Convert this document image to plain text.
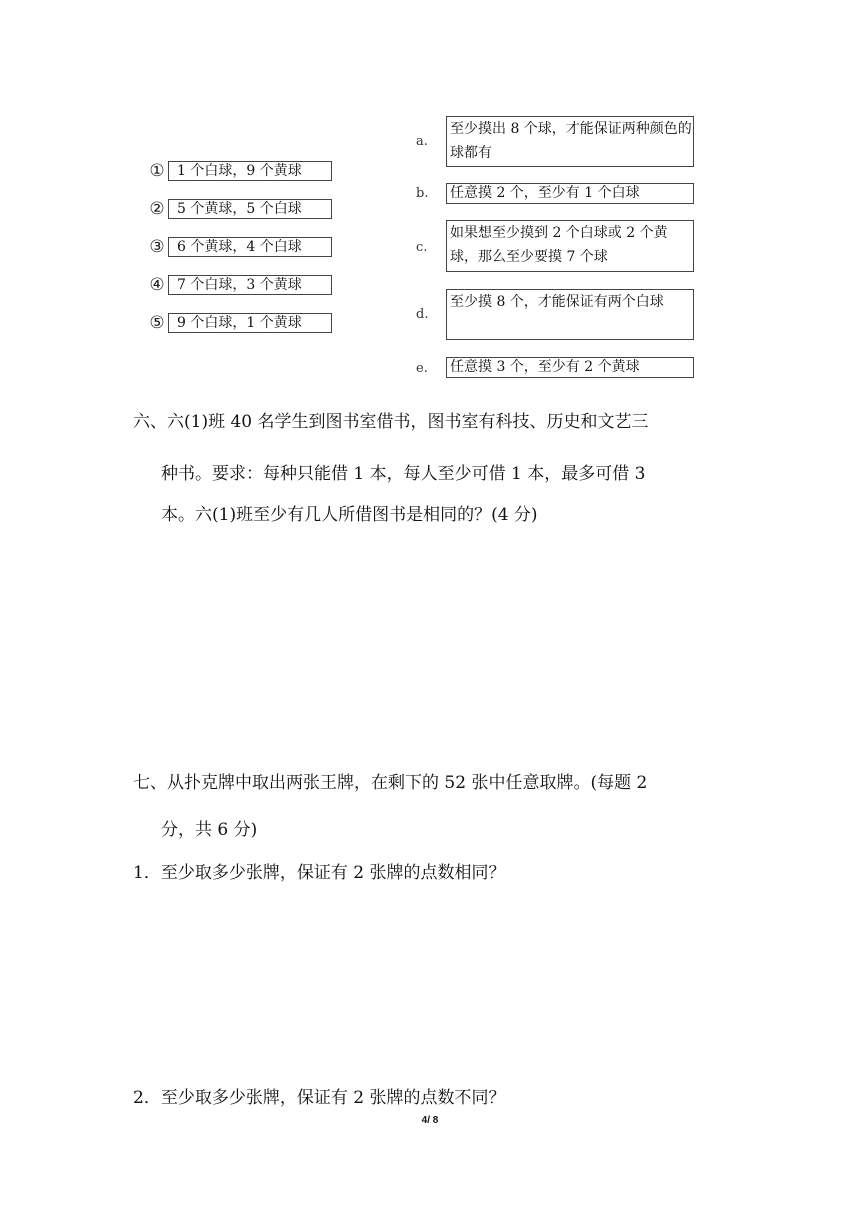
① 1 个白球，9 个黄球
② 5 个黄球，5 个白球
③ 6 个黄球，4 个白球
④ 7 个白球，3 个黄球
⑤ 9 个白球，1 个黄球
a.
至少摸出 8 个球，才能保证两种颜色的球都有
b.	任意摸 2 个，至少有 1 个白球
c.
如果想至少摸到 2 个白球或 2 个黄球，那么至少要摸 7 个球
d.
至少摸 8 个，才能保证有两个白球
e.	任意摸 3 个，至少有 2 个黄球
六、六(1)班 40 名学生到图书室借书，图书室有科技、历史和文艺三
种书。要求：每种只能借 1 本，每人至少可借 1 本，最多可借 3
本。六(1)班至少有几人所借图书是相同的？(4 分)
七、从扑克牌中取出两张王牌，在剩下的 52 张中任意取牌。(每题 2
分，共 6 分)
1．至少取多少张牌，保证有 2 张牌的点数相同？
2．至少取多少张牌，保证有 2 张牌的点数不同？
4/ 8
